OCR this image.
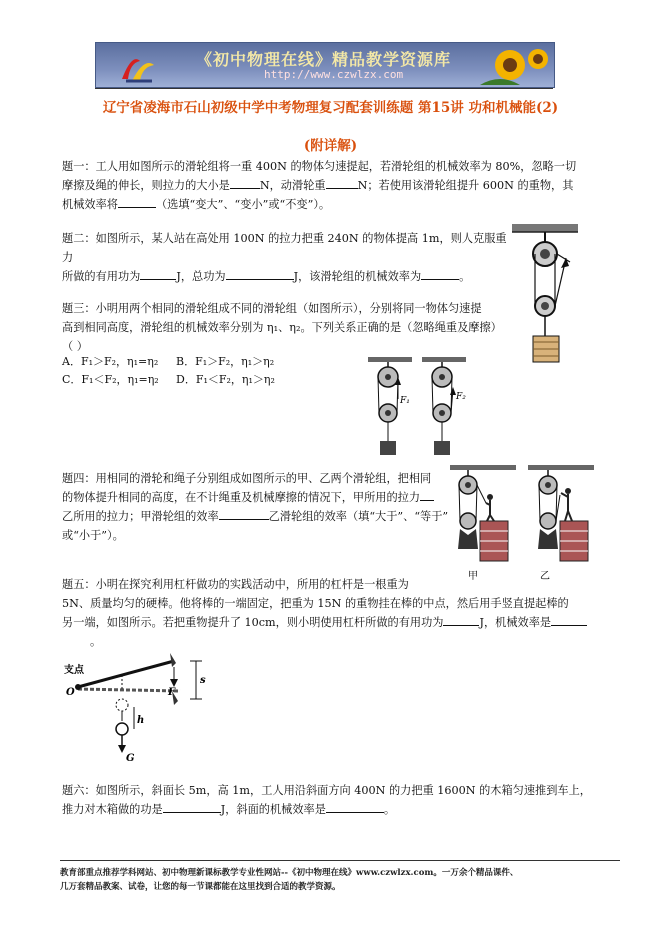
《初中物理在线》精品教学资源库
http://www.czwlzx.com
辽宁省凌海市石山初级中学中考物理复习配套训练题 第15讲 功和机械能(2)
(附详解)

题一：工人用如图所示的滑轮组将一重 400N 的物体匀速提起，若滑轮组的机械效率为 80%，忽略一切

摩擦及绳的伸长，则拉力的大小是	N，动滑轮重	N；若使用该滑轮组提升 600N 的重物，其

机械效率将	（选填“变大”、“变小”或“不变”）。

题二：如图所示，某人站在高处用 100N 的拉力把重 240N 的物体提高 1m，则人克服重力

所做的有用功为	J，总功为	J，该滑轮组的机械效率为	。

题三：小明用两个相同的滑轮组成不同的滑轮组（如图所示），分别将同一物体匀速提

高到相同高度，滑轮组的机械效率分别为 η₁、η₂。下列关系正确的是（忽略绳重及摩擦）

（ ）

A．F₁＞F₂，η₁=η₂ B．F₁＞F₂，η₁＞η₂
C．F₁＜F₂，η₁=η₂ D．F₁＜F₂，η₁＞η₂
F₁	F₂

题四：用相同的滑轮和绳子分别组成如图所示的甲、乙两个滑轮组，把相同

的物体提升相同的高度，在不计绳重及机械摩擦的情况下，甲所用的拉力

乙所用的拉力；甲滑轮组的效率	乙滑轮组的效率（填“大于”、“等于”

或“小于”）。

甲	乙

题五：小明在探究利用杠杆做功的实践活动中，所用的杠杆是一根重为

5N、质量均匀的硬棒。他将棒的一端固定，把重为 15N 的重物挂在棒的中点，然后用手竖直提起棒的

另一端，如图所示。若把重物提升了 10cm，则小明使用杠杆所做的有用功为	J，机械效率是

。

支点
O
G
h
F
s

题六：如图所示，斜面长 5m，高 1m，工人用沿斜面方向 400N 的力把重 1600N 的木箱匀速推到车上，

推力对木箱做的功是	J，斜面的机械效率是	。

教育部重点推荐学科网站、初中物理新课标教学专业性网站--《初中物理在线》www.czwlzx.com。一万余个精品课件、
几万套精品教案、试卷，让您的每一节课都能在这里找到合适的教学资源。
